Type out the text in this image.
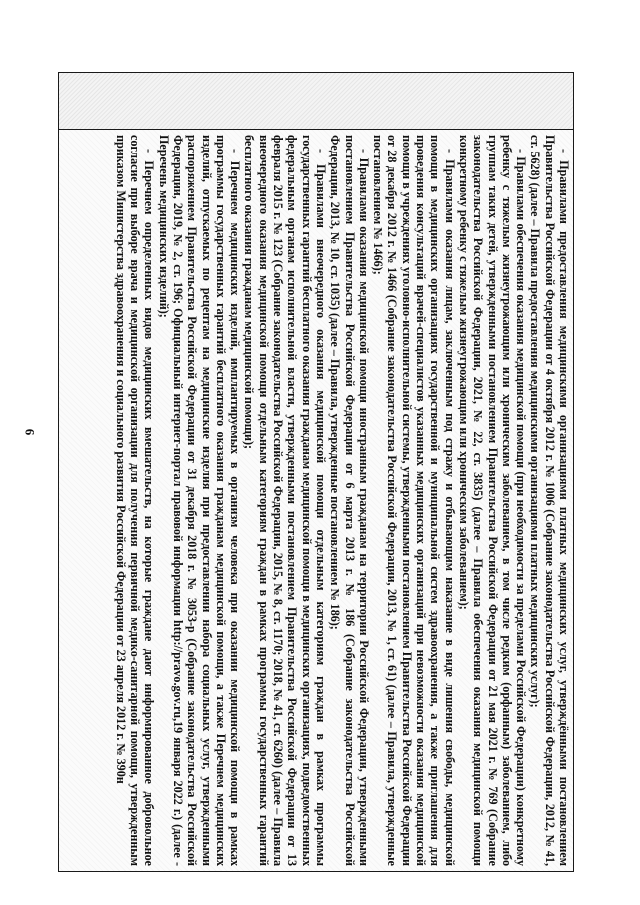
6	- Правилами предоставления медицинскими организациями платных медицинских услуг, утверждёнными постановлением Правительства Российской Федерации от 4 октября 2012 г. № 1006 (Собрание законодательства Российской Федерации, 2012, № 41, ст. 5628) (далее – Правила предоставления медицинскими организациями платных медицинских услуг);

- Правилами обеспечения оказания медицинской помощи (при необходимости за пределами Российской Федерации) конкретному ребенку с тяжелым жизнеугрожающим или хроническим заболеванием, в том числе редким (орфанным) заболеванием, либо группам таких детей, утвержденными постановлением Правительства Российской Федерации от 21 мая 2021 г. № 769 (Собрание законодательства Российской Федерации, 2021, № 22, ст. 3835) (далее – Правила обеспечения оказания медицинской помощи конкретному ребенку с тяжелым жизнеугрожающим или хроническим заболеванием);

- Правилами оказания лицам, заключенным под стражу и отбывающим наказание в виде лишения свободы, медицинской помощи в медицинских организациях государственной и муниципальной систем здравоохранения, а также приглашения для проведения консультаций врачей-специалистов указанных медицинских организаций при невозможности оказания медицинской помощи в учреждениях уголовно-исполнительной системы, утвержденными постановлением Правительства Российской Федерации от 28 декабря 2012 г. № 1466 (Собрание законодательства Российской Федерации, 2013, № 1, ст. 61) (далее – Правила, утвержденные постановлением № 1466);

- Правилами оказания медицинской помощи иностранным гражданам на территории Российской Федерации, утвержденными постановлением Правительства Российской Федерации от 6 марта 2013 г. № 186 (Собрание законодательства Российской Федерации, 2013, № 10, ст. 1035) (далее – Правила, утвержденные постановлением № 186);

- Правилами внеочередного оказания медицинской помощи отдельным категориям граждан в рамках программы государственных гарантий бесплатного оказания гражданам медицинской помощи в медицинских организациях, подведомственных федеральным органам исполнительной власти, утвержденными постановлением Правительства Российской Федерации от 13 февраля 2015 г. № 123 (Собрание законодательства Российской Федерации, 2015, № 8, ст. 1170; 2018, № 41, ст. 6260) (далее – Правила внеочередного оказания медицинской помощи отдельным категориям граждан в рамках программы государственных гарантий бесплатного оказания гражданам медицинской помощи);

- Перечнем медицинских изделий, имплантируемых в организм человека при оказании медицинской помощи в рамках программы государственных гарантий бесплатного оказания гражданам медицинской помощи, а также Перечнем медицинских изделий, отпускаемых по рецептам на медицинские изделия при предоставлении набора социальных услуг, утвержденными распоряжением Правительства Российской Федерации от 31 декабря 2018 г. № 3053-р (Собрание законодательства Российской Федерации, 2019, № 2, ст. 196; Официальный интернет-портал правовой информации http://pravo.gov.ru,19 января 2022 г.) (далее - Перечень медицинских изделий);

- Перечнем определенных видов медицинских вмешательств, на которые граждане дают информированное добровольное согласие при выборе врача и медицинской организации для получения первичной медико-санитарной помощи, утвержденным приказом Министерства здравоохранения и социального развития Российской Федерации от 23 апреля 2012 г. № 390н
